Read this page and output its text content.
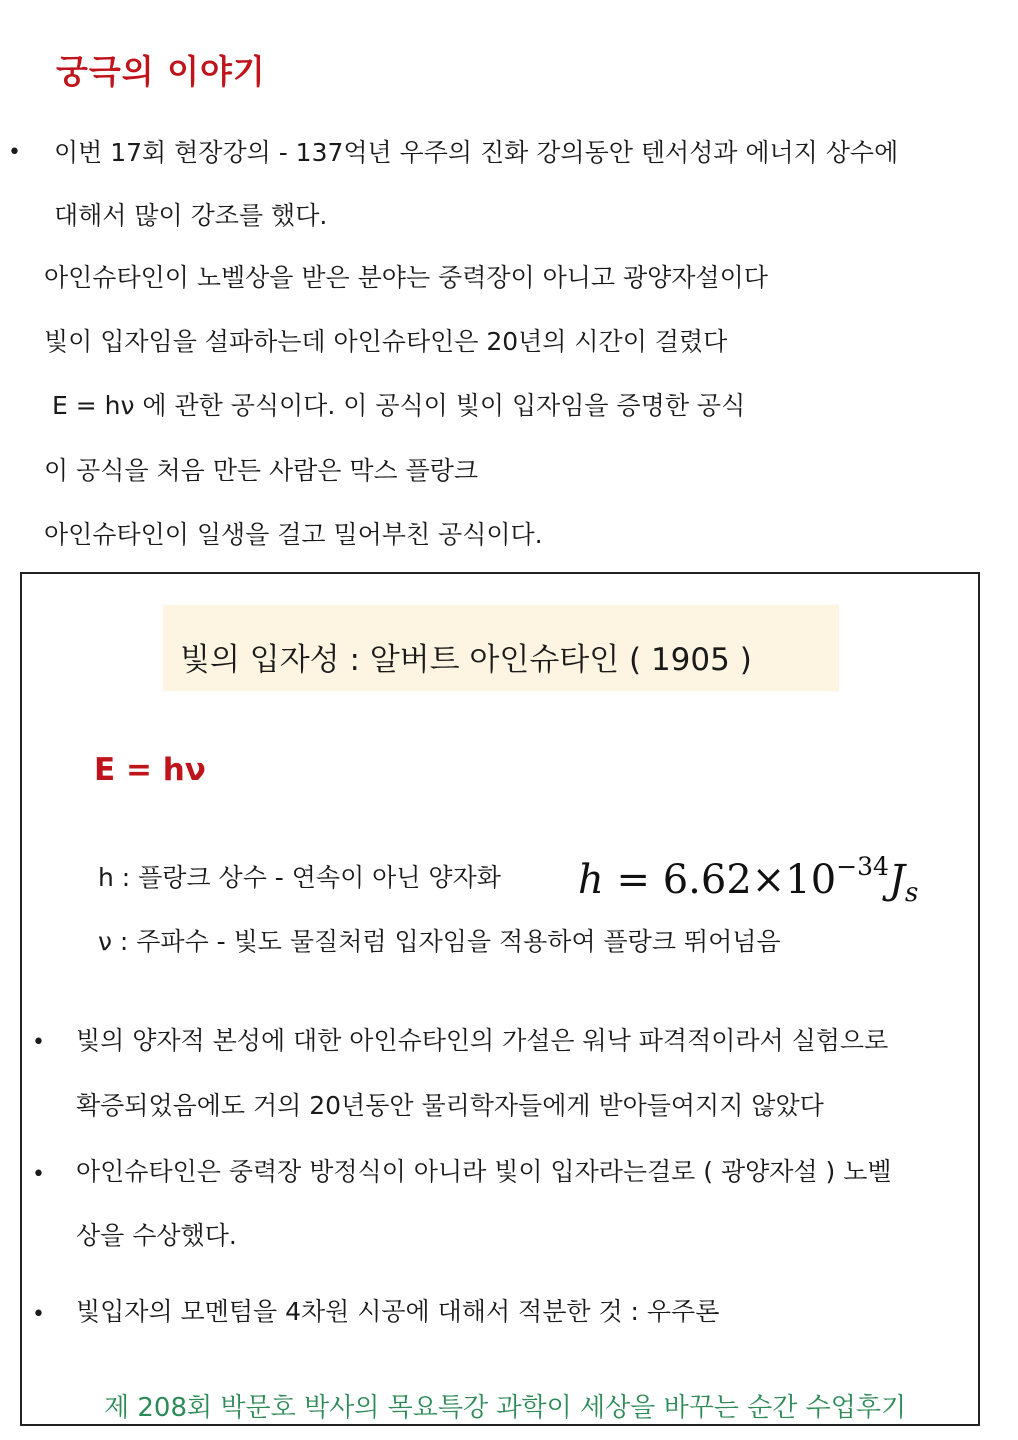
궁극의 이야기
• 이번 17회 현장강의 - 137억년 우주의 진화 강의동안 텐서성과 에너지 상수에
대해서 많이 강조를 했다.
아인슈타인이 노벨상을 받은 분야는 중력장이 아니고 광양자설이다
빛이 입자임을 설파하는데 아인슈타인은 20년의 시간이 걸렸다
E = hν 에 관한 공식이다. 이 공식이 빛이 입자임을 증명한 공식
이 공식을 처음 만든 사람은 막스 플랑크
아인슈타인이 일생을 걸고 밀어부친 공식이다.
빛의 입자성 : 알버트 아인슈타인 ( 1905 )
E = hν
h : 플랑크 상수 - 연속이 아닌 양자화 $h = 6.62\times 10^{-34}J_s$
ν : 주파수 - 빛도 물질처럼 입자임을 적용하여 플랑크 뛰어넘음
• 빛의 양자적 본성에 대한 아인슈타인의 가설은 워낙 파격적이라서 실험으로
확증되었음에도 거의 20년동안 물리학자들에게 받아들여지지 않았다
• 아인슈타인은 중력장 방정식이 아니라 빛이 입자라는걸로 ( 광양자설 ) 노벨
상을 수상했다.
• 빛입자의 모멘텀을 4차원 시공에 대해서 적분한 것 : 우주론
제 208회 박문호 박사의 목요특강 과학이 세상을 바꾸는 순간 수업후기
